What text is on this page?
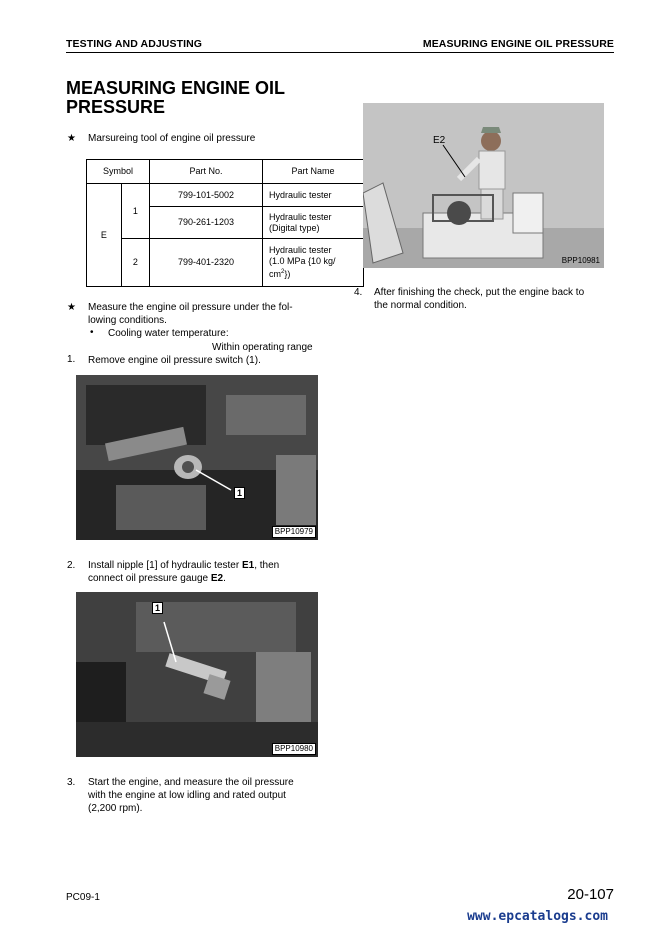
TESTING AND ADJUSTING	MEASURING ENGINE OIL PRESSURE
MEASURING ENGINE OIL PRESSURE
★ Marsureing tool of engine oil pressure
Symbol		Part No.	Part Name
E	1	799-101-5002	Hydraulic tester
		790-261-1203	Hydraulic tester
(Digital type)

	2	799-401-2320	Hydraulic tester
(1.0 MPa {10 kg/
$cm^2$})
★ Measure the engine oil pressure under the fol-
lowing conditions.
• Cooling water temperature:
Within operating range
1. Remove engine oil pressure switch (1).
1
BPP10979
2. Install nipple [1] of hydraulic tester E1, then
connect oil pressure gauge E2.
1
BPP10980
3. Start the engine, and measure the oil pressure
with the engine at low idling and rated output
(2,200 rpm).
E2
BPP10981
4. After finishing the check, put the engine back to
the normal condition.
PC09-1	20-107
www.epcatalogs.com
